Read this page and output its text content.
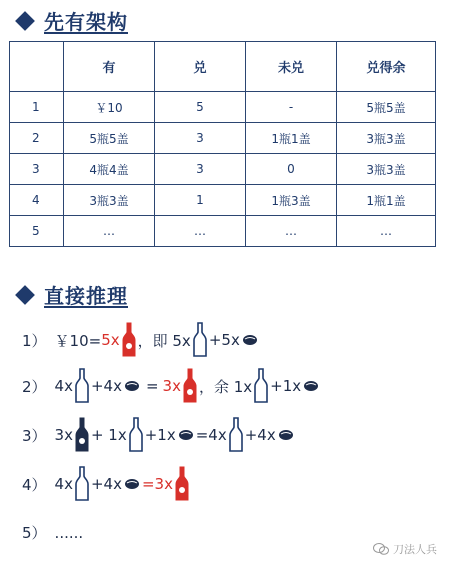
先有架构
	有	兑	未兑	兑得余
1	￥10	5	-	5瓶5盖
2	5瓶5盖	3	1瓶1盖	3瓶3盖
3	4瓶4盖	3	0	3瓶3盖
4	3瓶3盖	1	1瓶3盖	1瓶1盖
5	…	…	…	…
直接推理
1） ￥10= 5x ，即 5x +5x
2） 4x +4x = 3x ，余 1x +1x
3） 3x + 1x +1x =4x +4x
4） 4x +4x =3x
5） ......
刀法人兵
